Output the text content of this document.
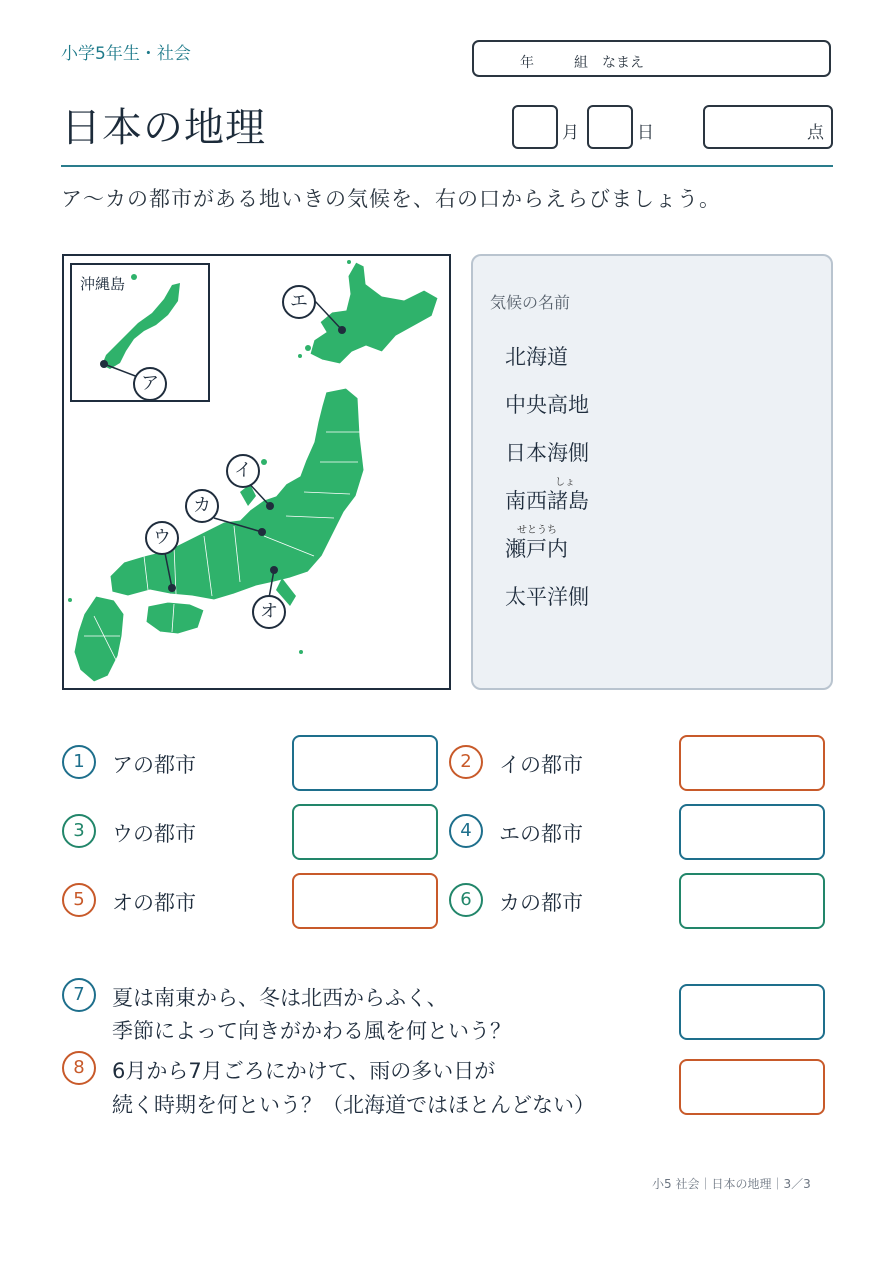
小学5年生・社会	年	組 なまえ
日本の地理	月	日	点
ア〜カの都市がある地いきの気候を、右の口からえらびましょう。
沖縄島
ア
イ
ウ
エ
オ
カ
気候の名前
北海道
中央高地
日本海側
しょ
南西諸島
せとうち
瀬戸内
太平洋側
1	アの都市	2	イの都市
3	ウの都市	4	エの都市
5	オの都市	6	カの都市
7	夏は南東から、冬は北西からふく、
季節によって向きがかわる風を何という？
8	6月から7月ごろにかけて、雨の多い日が
続く時期を何という？（北海道ではほとんどない）
小5 社会｜日本の地理｜3／3
